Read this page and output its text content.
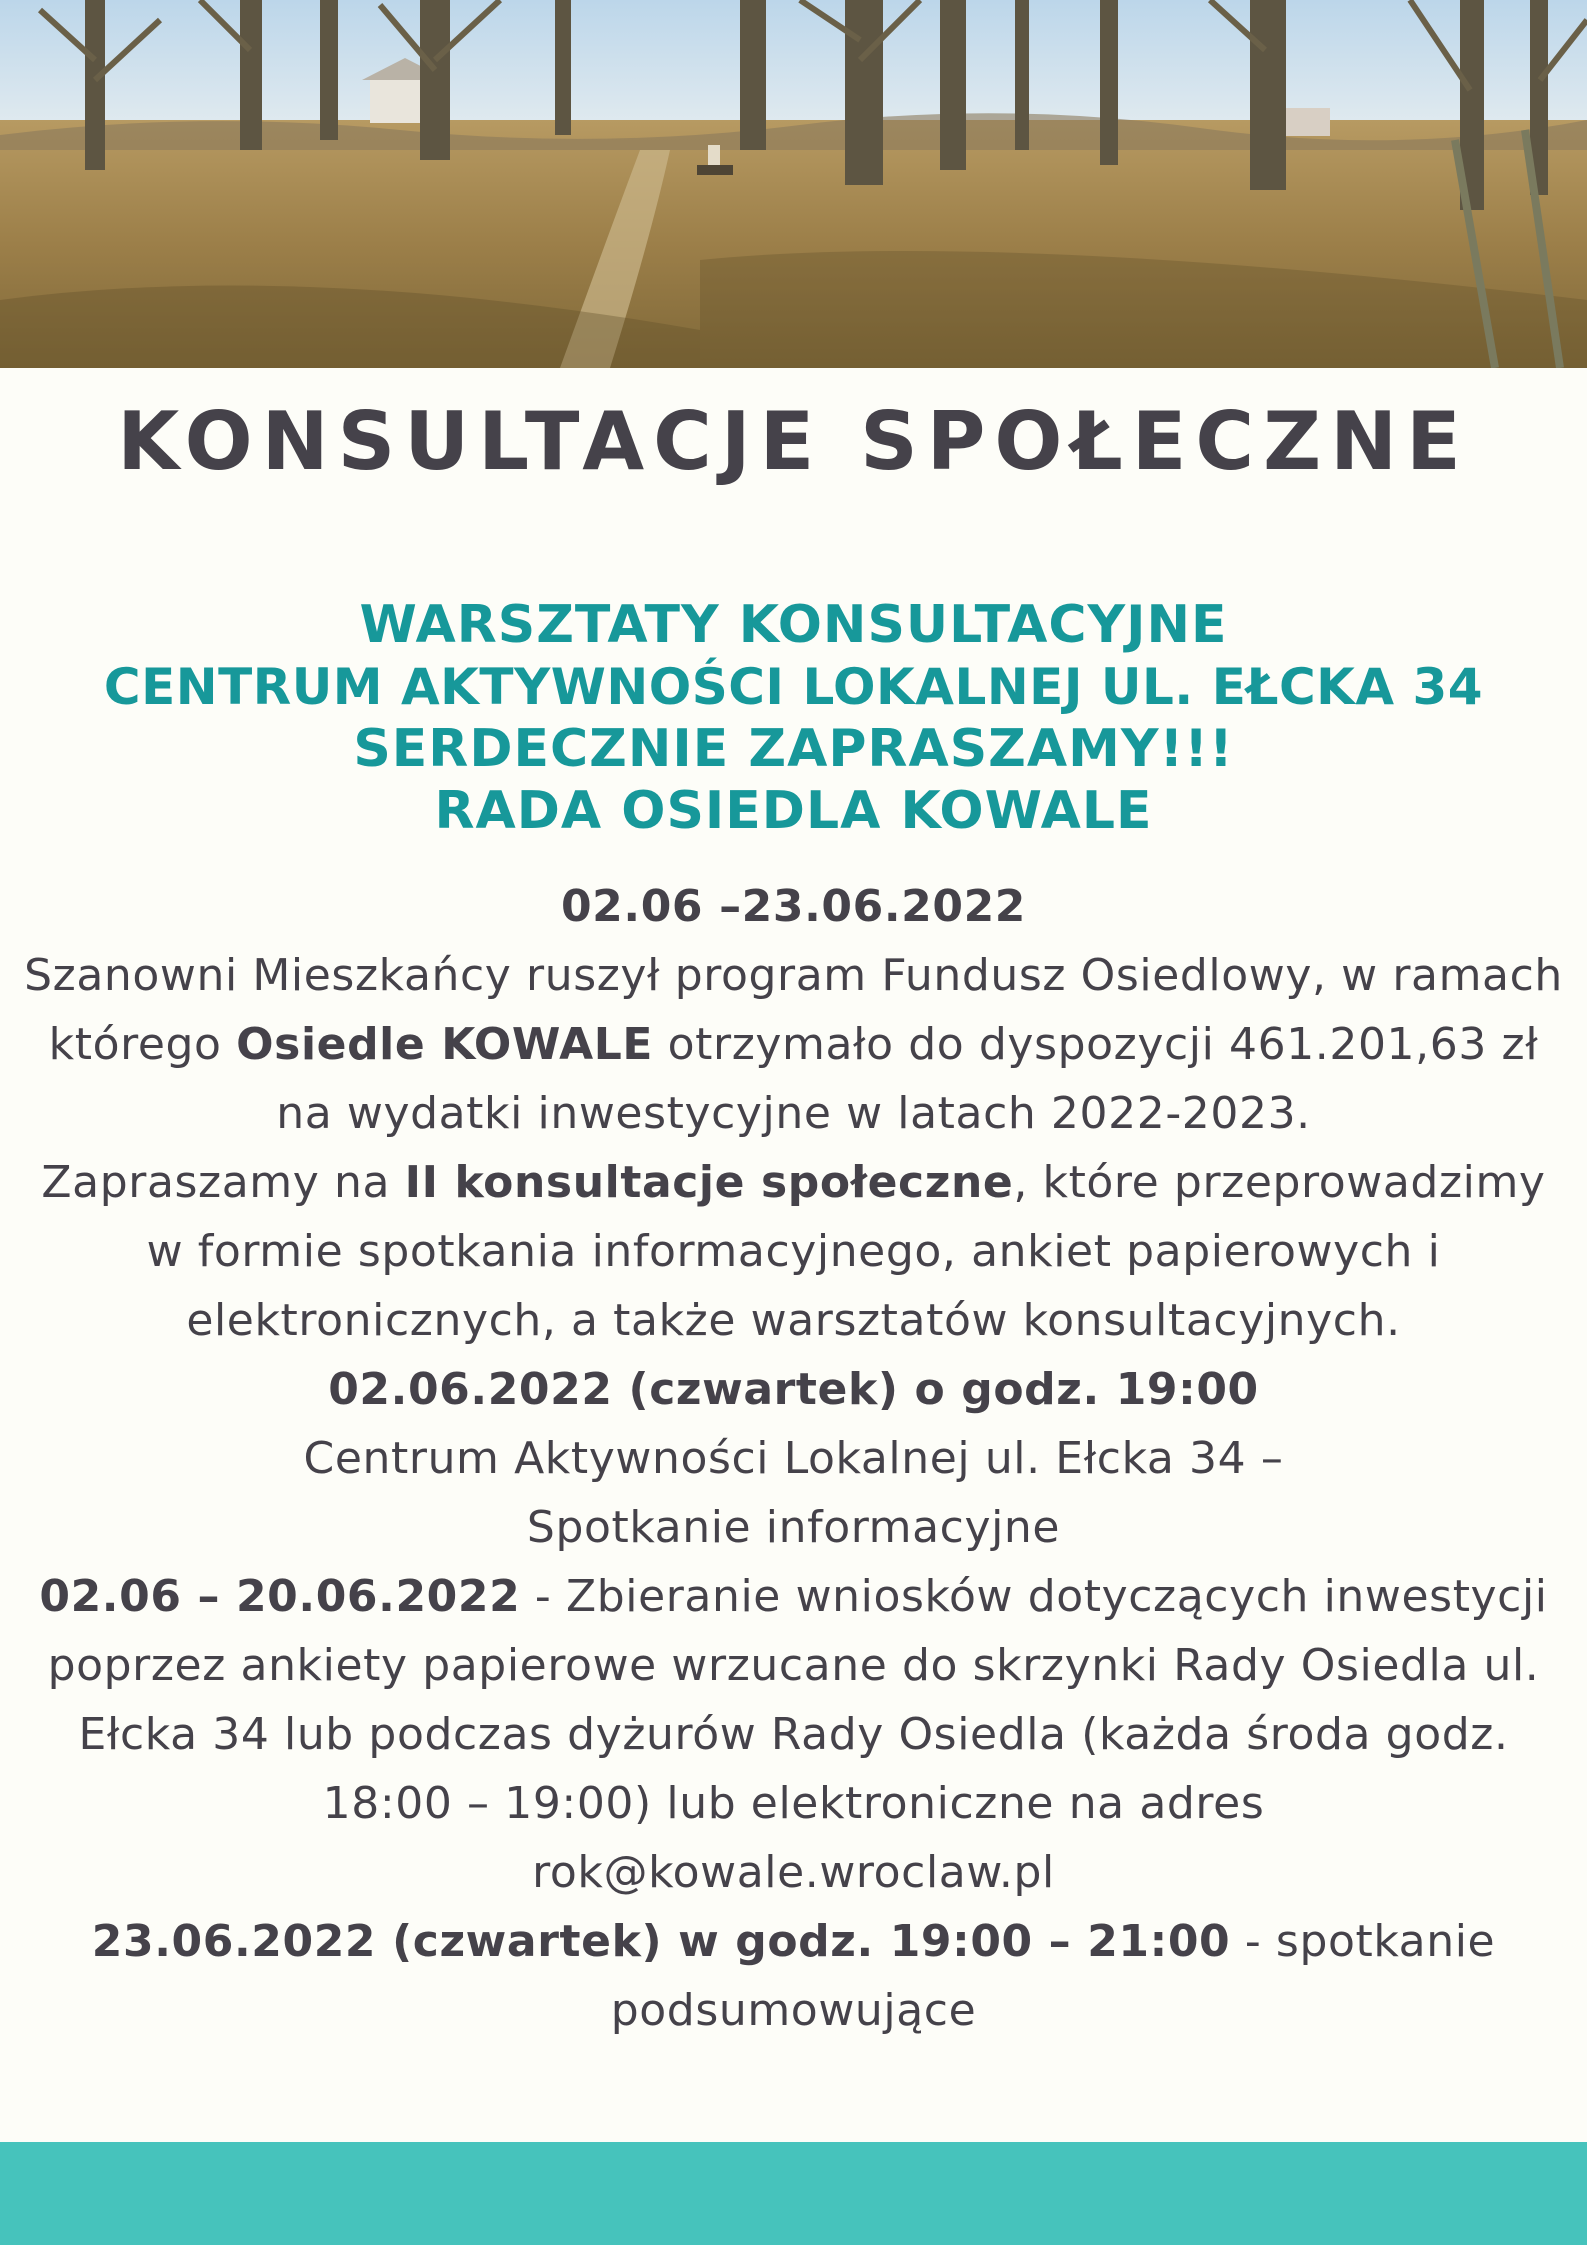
KONSULTACJE SPOŁECZNE
WARSZTATY KONSULTACYJNE
CENTRUM AKTYWNOŚCI LOKALNEJ UL. EŁCKA 34
SERDECZNIE ZAPRASZAMY!!!
RADA OSIEDLA KOWALE

02.06 –23.06.2022

Szanowni Mieszkańcy ruszył program Fundusz Osiedlowy, w ramach którego Osiedle KOWALE otrzymało do dyspozycji 461.201,63 zł na wydatki inwestycyjne w latach 2022-2023.

Zapraszamy na II konsultacje społeczne, które przeprowadzimy w formie spotkania informacyjnego, ankiet papierowych i elektronicznych, a także warsztatów konsultacyjnych.

02.06.2022 (czwartek) o godz. 19:00

Centrum Aktywności Lokalnej ul. Ełcka 34 –

Spotkanie informacyjne

02.06 – 20.06.2022 - Zbieranie wniosków dotyczących inwestycji poprzez ankiety papierowe wrzucane do skrzynki Rady Osiedla ul. Ełcka 34 lub podczas dyżurów Rady Osiedla (każda środa godz. 18:00 – 19:00) lub elektroniczne na adres
rok@kowale.wroclaw.pl

23.06.2022 (czwartek) w godz. 19:00 – 21:00 - spotkanie podsumowujące
